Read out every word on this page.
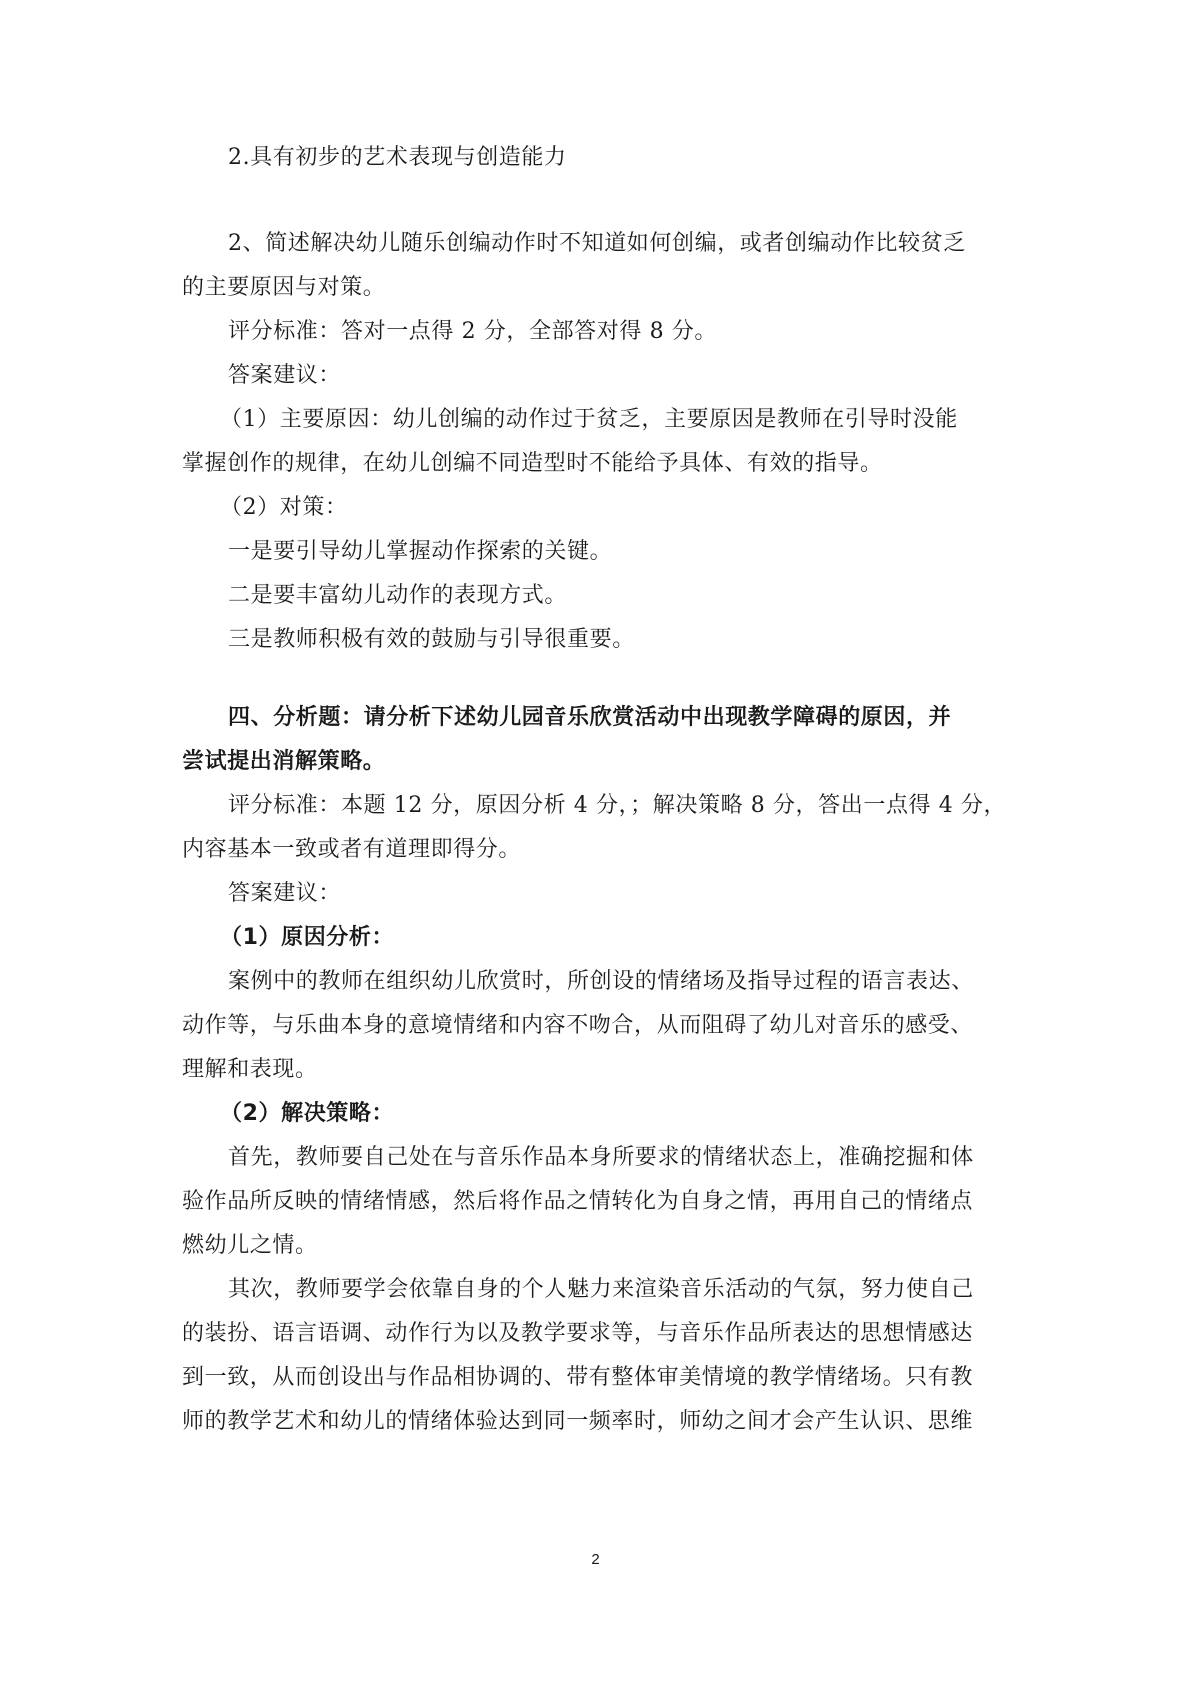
2.具有初步的艺术表现与创造能力
2、简述解决幼儿随乐创编动作时不知道如何创编，或者创编动作比较贫乏
的主要原因与对策。
评分标准：答对一点得 2 分，全部答对得 8 分。
答案建议：
（1）主要原因：幼儿创编的动作过于贫乏，主要原因是教师在引导时没能
掌握创作的规律，在幼儿创编不同造型时不能给予具体、有效的指导。
（2）对策：
一是要引导幼儿掌握动作探索的关键。
二是要丰富幼儿动作的表现方式。
三是教师积极有效的鼓励与引导很重要。
四、分析题：请分析下述幼儿园音乐欣赏活动中出现教学障碍的原因，并
尝试提出消解策略。
评分标准：本题 12 分，原因分析 4 分，；解决策略 8 分，答出一点得 4 分，
内容基本一致或者有道理即得分。
答案建议：
（1）原因分析：
案例中的教师在组织幼儿欣赏时，所创设的情绪场及指导过程的语言表达、
动作等，与乐曲本身的意境情绪和内容不吻合，从而阻碍了幼儿对音乐的感受、
理解和表现。
（2）解决策略：
首先，教师要自己处在与音乐作品本身所要求的情绪状态上，准确挖掘和体
验作品所反映的情绪情感，然后将作品之情转化为自身之情，再用自己的情绪点
燃幼儿之情。
其次，教师要学会依靠自身的个人魅力来渲染音乐活动的气氛，努力使自己
的装扮、语言语调、动作行为以及教学要求等，与音乐作品所表达的思想情感达
到一致，从而创设出与作品相协调的、带有整体审美情境的教学情绪场。只有教
师的教学艺术和幼儿的情绪体验达到同一频率时，师幼之间才会产生认识、思维
2
